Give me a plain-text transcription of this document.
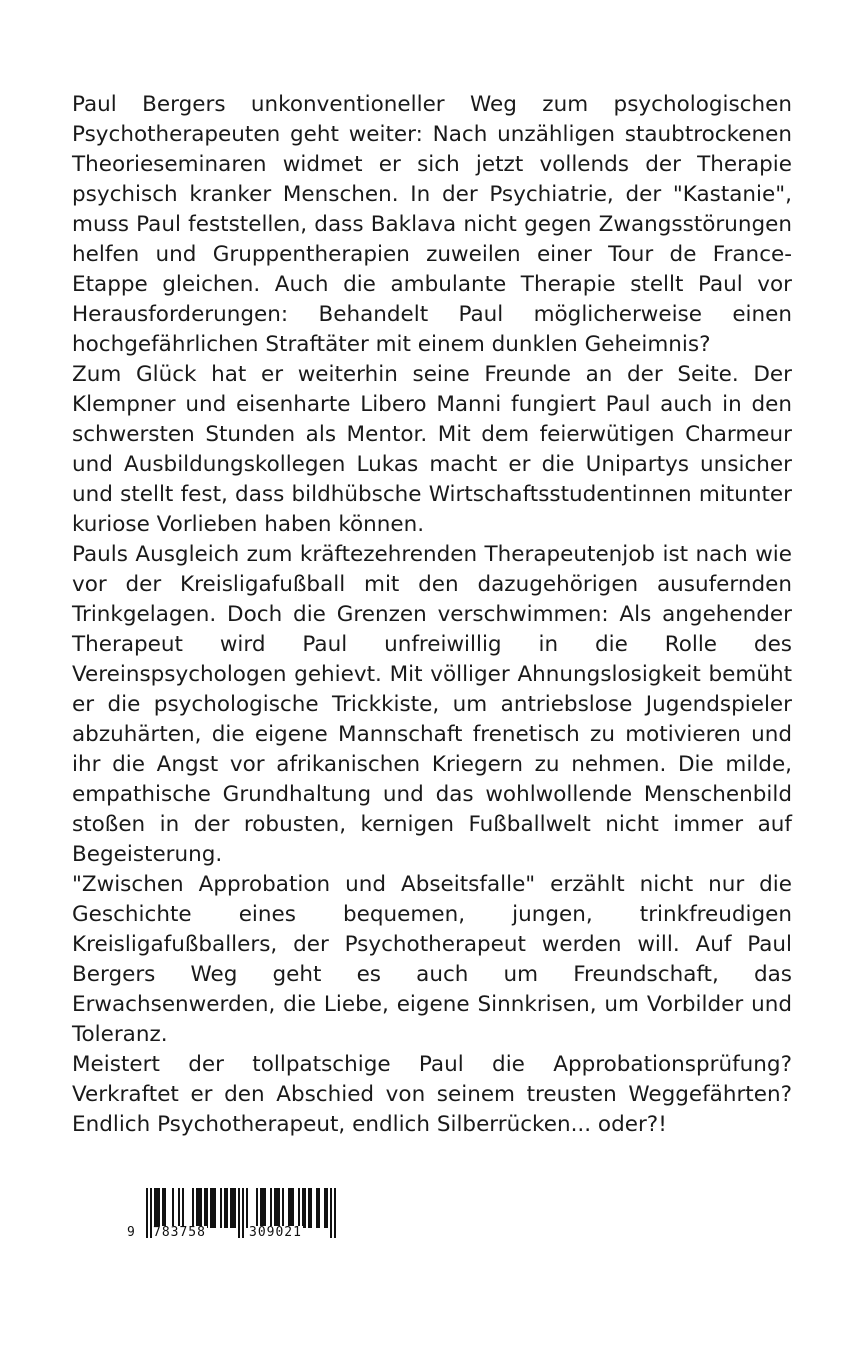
Paul Bergers unkonventioneller Weg zum psychologischen Psychotherapeuten geht weiter: Nach unzähligen staubtrockenen Theorieseminaren widmet er sich jetzt vollends der Therapie psychisch kranker Menschen. In der Psychiatrie, der "Kastanie", muss Paul feststellen, dass Baklava nicht gegen Zwangsstörungen helfen und Gruppentherapien zuweilen einer Tour de France-Etappe gleichen. Auch die ambulante Therapie stellt Paul vor Herausforderungen: Behandelt Paul möglicherweise einen hochgefährlichen Straftäter mit einem dunklen Geheimnis?

Zum Glück hat er weiterhin seine Freunde an der Seite. Der Klempner und eisenharte Libero Manni fungiert Paul auch in den schwersten Stunden als Mentor. Mit dem feierwütigen Charmeur und Ausbildungskollegen Lukas macht er die Unipartys unsicher und stellt fest, dass bildhübsche Wirtschaftsstudentinnen mitunter kuriose Vorlieben haben können.

Pauls Ausgleich zum kräftezehrenden Therapeutenjob ist nach wie vor der Kreisligafußball mit den dazugehörigen ausufernden Trinkgelagen. Doch die Grenzen verschwimmen: Als angehender Therapeut wird Paul unfreiwillig in die Rolle des Vereinspsychologen gehievt. Mit völliger Ahnungslosigkeit bemüht er die psychologische Trickkiste, um antriebslose Jugendspieler abzuhärten, die eigene Mannschaft frenetisch zu motivieren und ihr die Angst vor afrikanischen Kriegern zu nehmen. Die milde, empathische Grundhaltung und das wohlwollende Menschenbild stoßen in der robusten, kernigen Fußballwelt nicht immer auf Begeisterung.

"Zwischen Approbation und Abseitsfalle" erzählt nicht nur die Geschichte eines bequemen, jungen, trinkfreudigen Kreisligafußballers, der Psychotherapeut werden will. Auf Paul Bergers Weg geht es auch um Freundschaft, das Erwachsenwerden, die Liebe, eigene Sinnkrisen, um Vorbilder und Toleranz.

Meistert der tollpatschige Paul die Approbationsprüfung? Verkraftet er den Abschied von seinem treusten Weggefährten? Endlich Psychotherapeut, endlich Silberrücken... oder?!

9 783758	309021
